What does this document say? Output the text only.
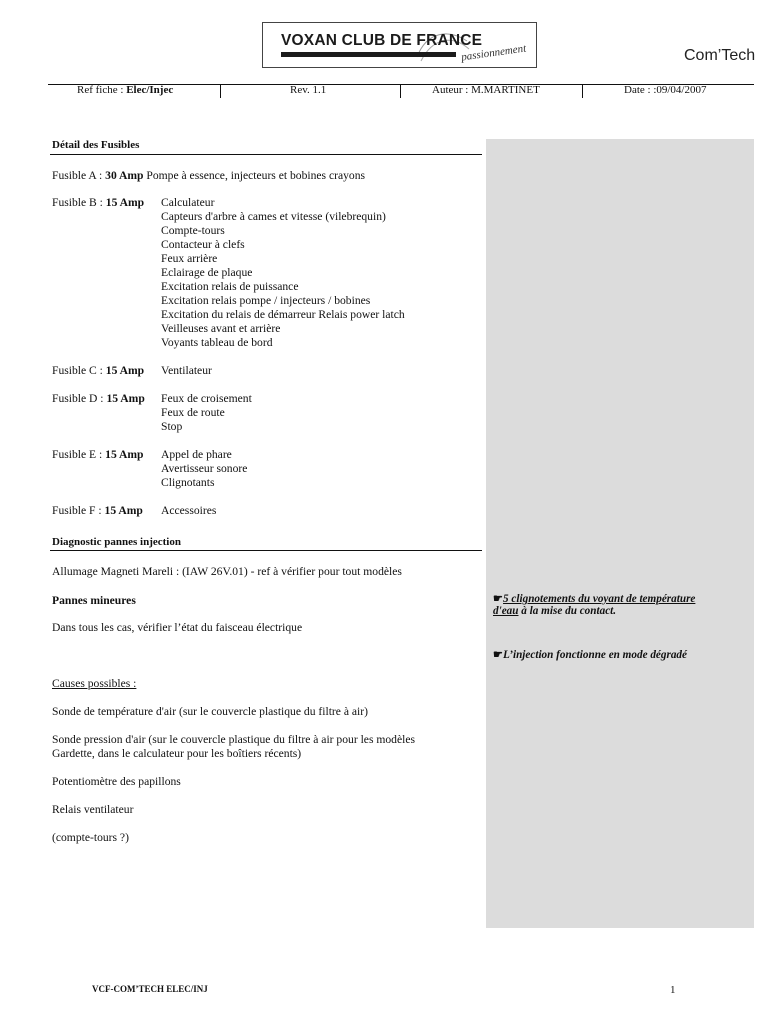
VOXAN CLUB DE FRANCE
passionnement	Com’Tech
Ref fiche : Elec/Injec	Rev. 1.1	Auteur : M.MARTINET	Date : :09/04/2007
Détail des Fusibles
Fusible A : 30 Amp Pompe à essence, injecteurs et bobines crayons
Fusible B : 15 Amp Calculateur
Capteurs d'arbre à cames et vitesse (vilebrequin)
Compte-tours
Contacteur à clefs
Feux arrière
Eclairage de plaque
Excitation relais de puissance
Excitation relais pompe / injecteurs / bobines
Excitation du relais de démarreur Relais power latch
Veilleuses avant et arrière
Voyants tableau de bord
Fusible C : 15 Amp Ventilateur
Fusible D : 15 Amp Feux de croisement
Feux de route
Stop
Fusible E : 15 Amp Appel de phare
Avertisseur sonore
Clignotants
Fusible F : 15 Amp Accessoires
Diagnostic pannes injection
Allumage Magneti Mareli : (IAW 26V.01) - ref à vérifier pour tout modèles
Pannes mineures
Dans tous les cas, vérifier l’état du faisceau électrique
Causes possibles :
Sonde de température d'air (sur le couvercle plastique du filtre à air)
Sonde pression d'air (sur le couvercle plastique du filtre à air pour les modèles
Gardette, dans le calculateur pour les boîtiers récents)
Potentiomètre des papillons
Relais ventilateur
(compte-tours ?)
☛5 clignotements du voyant de température
d'eau à la mise du contact.
☛L’injection fonctionne en mode dégradé
VCF-COM’TECH ELEC/INJ	1
